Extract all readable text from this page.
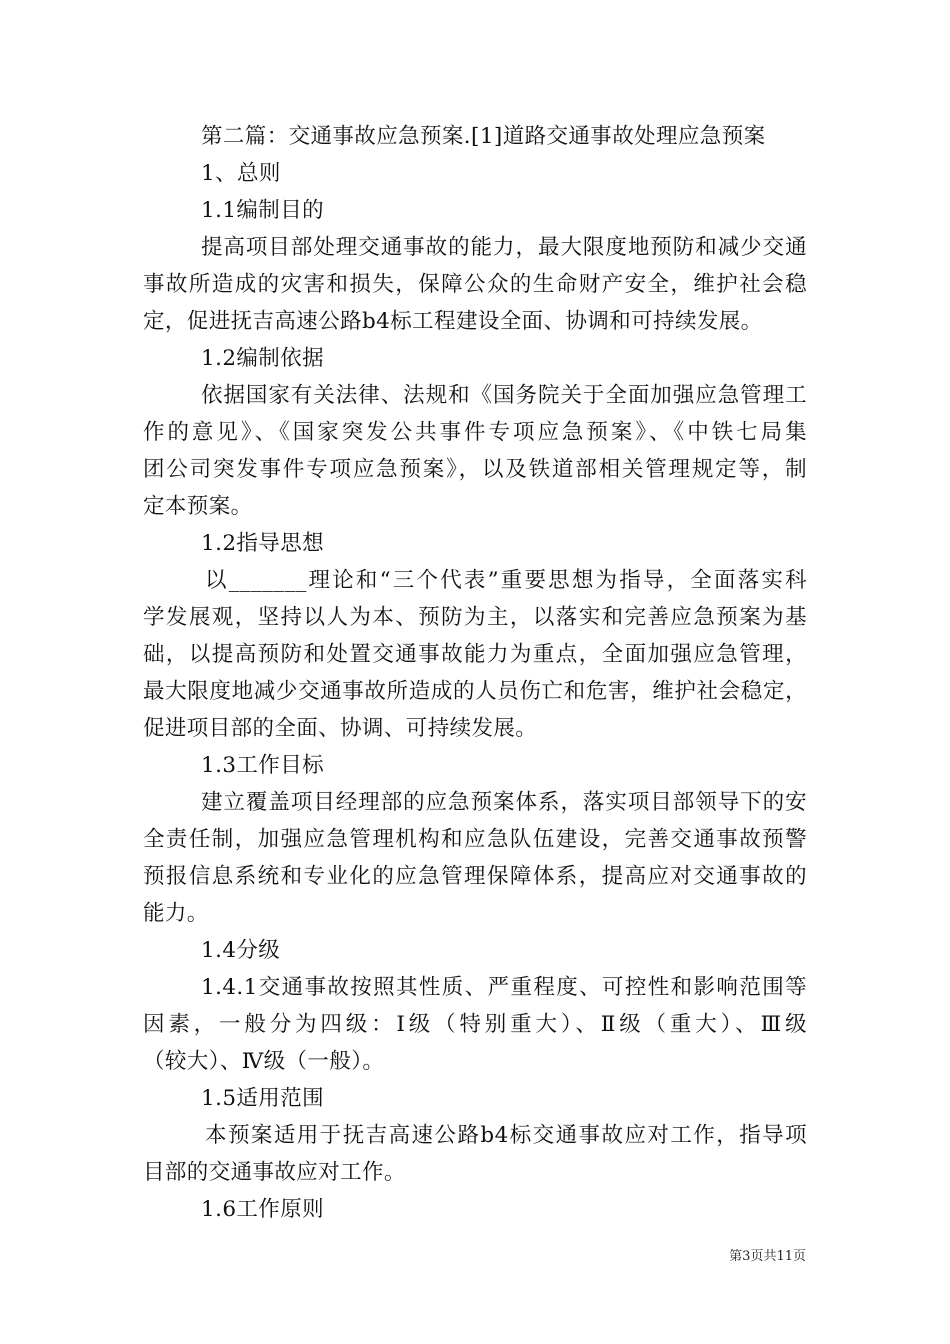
第二篇：交通事故应急预案.[1]道路交通事故处理应急预案
1、总则
1.1编制目的
提高项目部处理交通事故的能力，最大限度地预防和减少交通
事故所造成的灾害和损失，保障公众的生命财产安全，维护社会稳
定，促进抚吉高速公路b4标工程建设全面、协调和可持续发展。
1.2编制依据
依据国家有关法律、法规和《国务院关于全面加强应急管理工
作的意见》、《国家突发公共事件专项应急预案》、《中铁七局集
团公司突发事件专项应急预案》，以及铁道部相关管理规定等，制
定本预案。
1.2指导思想
以_______理论和“三个代表”重要思想为指导，全面落实科
学发展观，坚持以人为本、预防为主，以落实和完善应急预案为基
础，以提高预防和处置交通事故能力为重点，全面加强应急管理，
最大限度地减少交通事故所造成的人员伤亡和危害，维护社会稳定，
促进项目部的全面、协调、可持续发展。
1.3工作目标
建立覆盖项目经理部的应急预案体系，落实项目部领导下的安
全责任制，加强应急管理机构和应急队伍建设，完善交通事故预警
预报信息系统和专业化的应急管理保障体系，提高应对交通事故的
能力。
1.4分级
1.4.1交通事故按照其性质、严重程度、可控性和影响范围等
因素，一般分为四级：Ⅰ级（特别重大）、Ⅱ级（重大）、Ⅲ级
（较大）、Ⅳ级（一般）。
1.5适用范围
本预案适用于抚吉高速公路b4标交通事故应对工作，指导项
目部的交通事故应对工作。
1.6工作原则
第3页共11页
